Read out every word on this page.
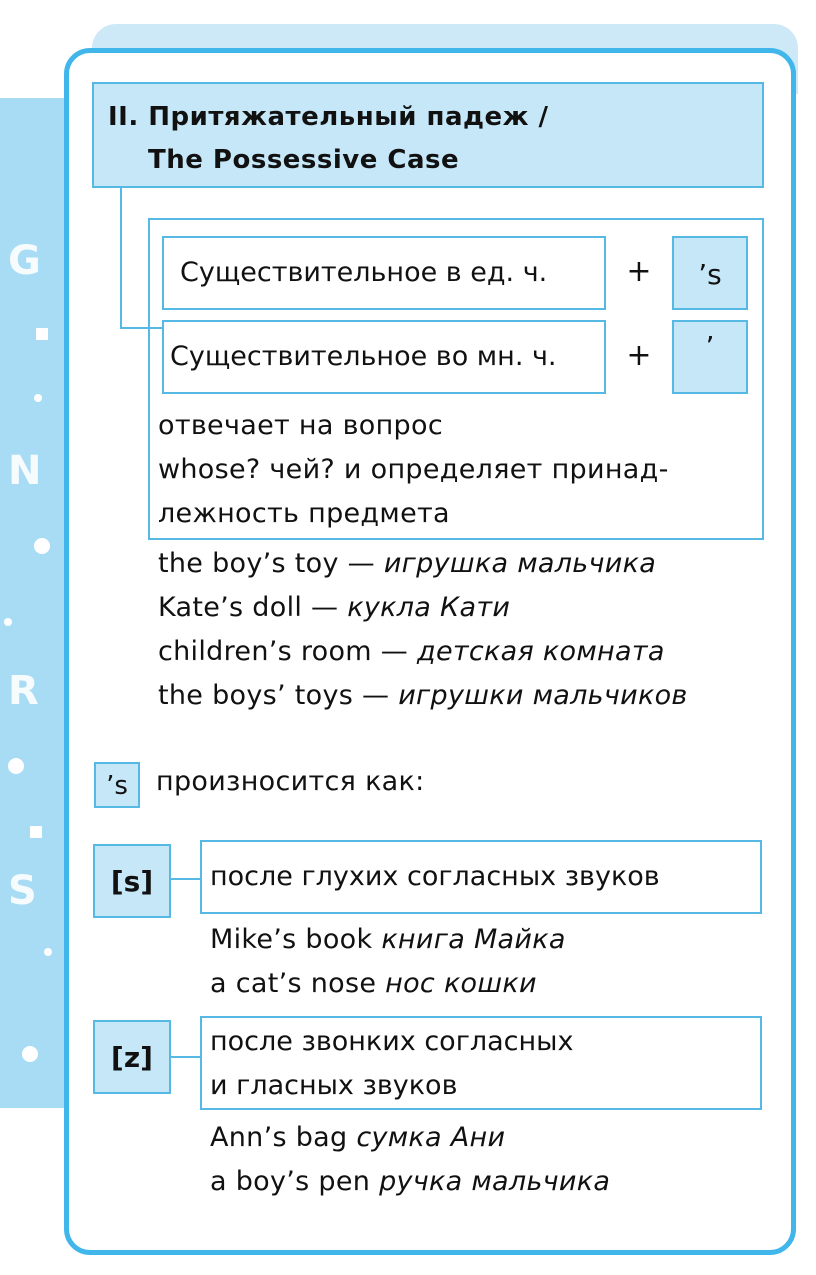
G
N
R
S
II. Притяжательный падеж /
The Possessive Case
Существительное в ед. ч.	+	’s
Существительное во мн. ч.	+	’
отвечает на вопрос
whose? чей? и определяет принад-
лежность предмета
the boy’s toy — игрушка мальчика
Kate’s doll — кукла Кати
children’s room — детская комната
the boys’ toys — игрушки мальчиков
’s	произносится как:
[s]	после глухих согласных звуков
Mike’s book книга Майка
a cat’s nose нос кошки
[z]	после звонких согласных
и гласных звуков
Ann’s bag сумка Ани
a boy’s pen ручка мальчика
